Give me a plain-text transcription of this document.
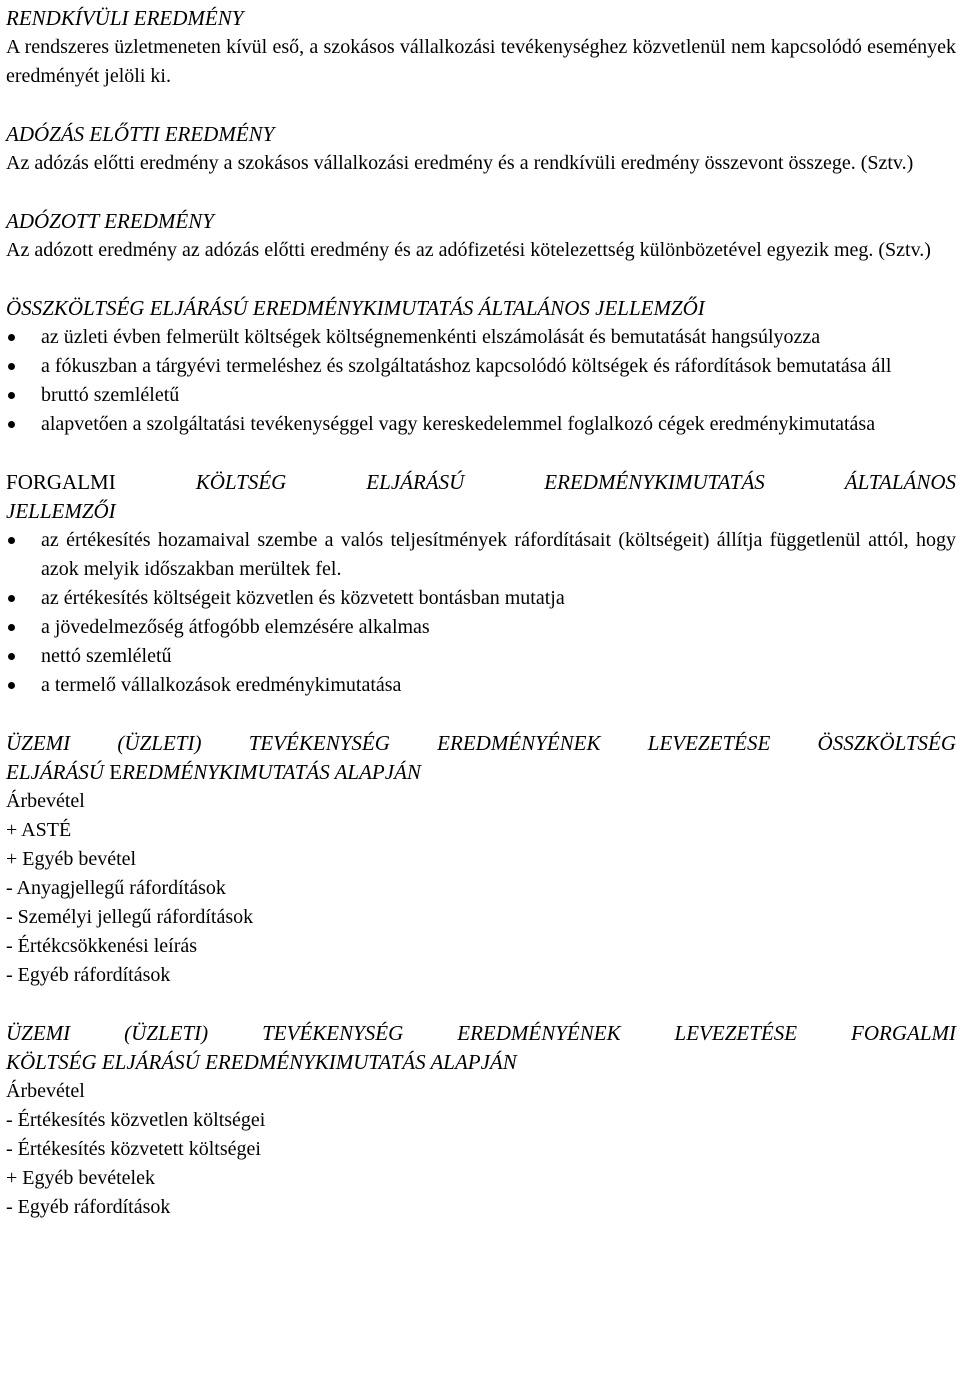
RENDKÍVÜLI EREDMÉNY

A rendszeres üzletmeneten kívül eső, a szokásos vállalkozási tevékenységhez közvetlenül nem kapcsolódó események eredményét jelöli ki.

ADÓZÁS ELŐTTI EREDMÉNY

Az adózás előtti eredmény a szokásos vállalkozási eredmény és a rendkívüli eredmény összevont összege. (Sztv.)

ADÓZOTT EREDMÉNY

Az adózott eredmény az adózás előtti eredmény és az adófizetési kötelezettség különbözetével egyezik meg. (Sztv.)

ÖSSZKÖLTSÉG ELJÁRÁSÚ EREDMÉNYKIMUTATÁS ÁLTALÁNOS JELLEMZŐI
az üzleti évben felmerült költségek költségnemenkénti elszámolását és bemutatását hangsúlyozza
a fókuszban a tárgyévi termeléshez és szolgáltatáshoz kapcsolódó költségek és ráfordítások bemutatása áll
bruttó szemléletű
alapvetően a szolgáltatási tevékenységgel vagy kereskedelemmel foglalkozó cégek eredménykimutatása
FORGALMI	KÖLTSÉG ELJÁRÁSÚ EREDMÉNYKIMUTATÁS ÁLTALÁNOS
JELLEMZŐI
az értékesítés hozamaival szembe a valós teljesítmények ráfordításait (költségeit) állítja függetlenül attól, hogy azok melyik időszakban merültek fel.
az értékesítés költségeit közvetlen és közvetett bontásban mutatja
a jövedelmezőség átfogóbb elemzésére alkalmas
nettó szemléletű
a termelő vállalkozások eredménykimutatása
ÜZEMI (ÜZLETI) TEVÉKENYSÉG EREDMÉNYÉNEK LEVEZETÉSE ÖSSZKÖLTSÉG
ELJÁRÁSÚ EREDMÉNYKIMUTATÁS ALAPJÁN

Árbevétel

+ ASTÉ

+ Egyéb bevétel

- Anyagjellegű ráfordítások

- Személyi jellegű ráfordítások

- Értékcsökkenési leírás

- Egyéb ráfordítások

ÜZEMI (ÜZLETI) TEVÉKENYSÉG EREDMÉNYÉNEK LEVEZETÉSE FORGALMI
KÖLTSÉG ELJÁRÁSÚ EREDMÉNYKIMUTATÁS ALAPJÁN

Árbevétel

- Értékesítés közvetlen költségei

- Értékesítés közvetett költségei

+ Egyéb bevételek

- Egyéb ráfordítások
